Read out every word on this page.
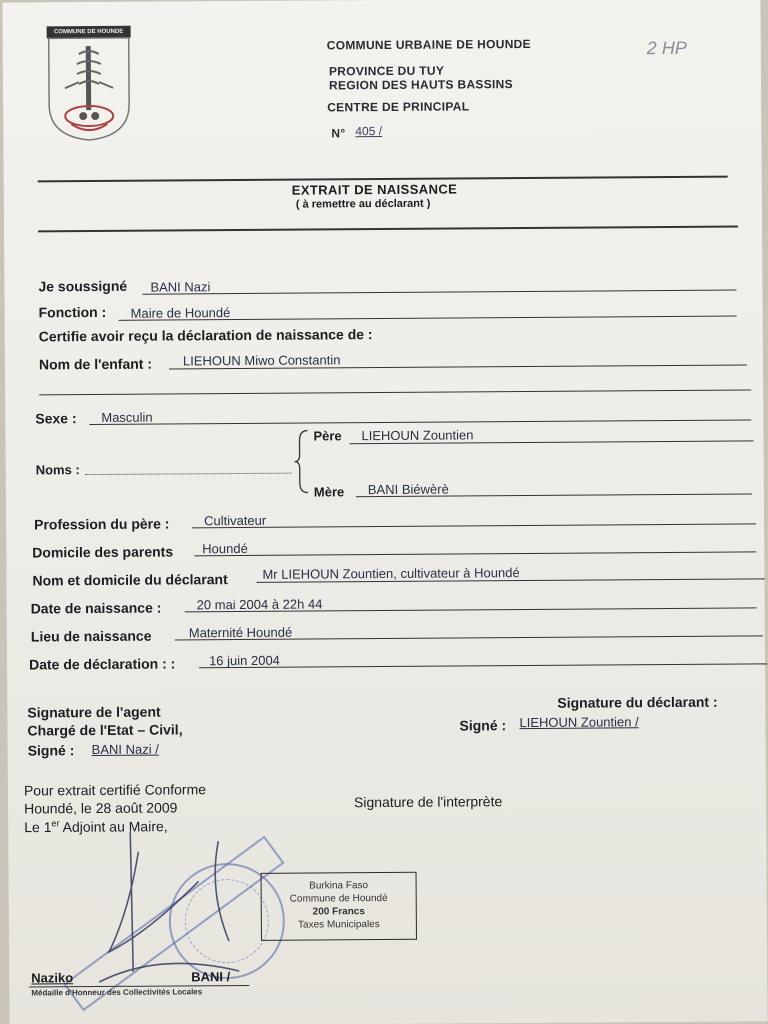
COMMUNE DE HOUNDE
COMMUNE URBAINE DE HOUNDE
PROVINCE DU TUY
REGION DES HAUTS BASSINS
CENTRE DE PRINCIPAL
N° 405 /
2 HP
EXTRAIT DE NAISSANCE
( à remettre au déclarant )
Je soussigné BANI Nazi
Fonction : Maire de Houndé
Certifie avoir reçu la déclaration de naissance de :
Nom de l'enfant : LIEHOUN Miwo Constantin
Sexe : Masculin
Noms :
Père LIEHOUN Zountien
Mère BANI Biéwèrè
Profession du père :	Cultivateur
Domicile des parents Houndé
Nom et domicile du déclarant	Mr LIEHOUN Zountien, cultivateur à Houndé
Date de naissance :	20 mai 2004 à 22h 44
Lieu de naissance	Maternité Houndé
Date de déclaration : :	16 juin 2004
Signature de l'agent
Chargé de l'Etat – Civil,
Signé : BANI Nazi /
Signature du déclarant :
Signé : LIEHOUN Zountien /
Signature de l'interprète
Pour extrait certifié Conforme
Houndé, le 28 août 2009
Le 1er Adjoint au Maire,
Burkina Faso
Commune de Houndé
200 Francs
Taxes Municipales
Naziko	BANI /
Médaille d'Honneur des Collectivités Locales
